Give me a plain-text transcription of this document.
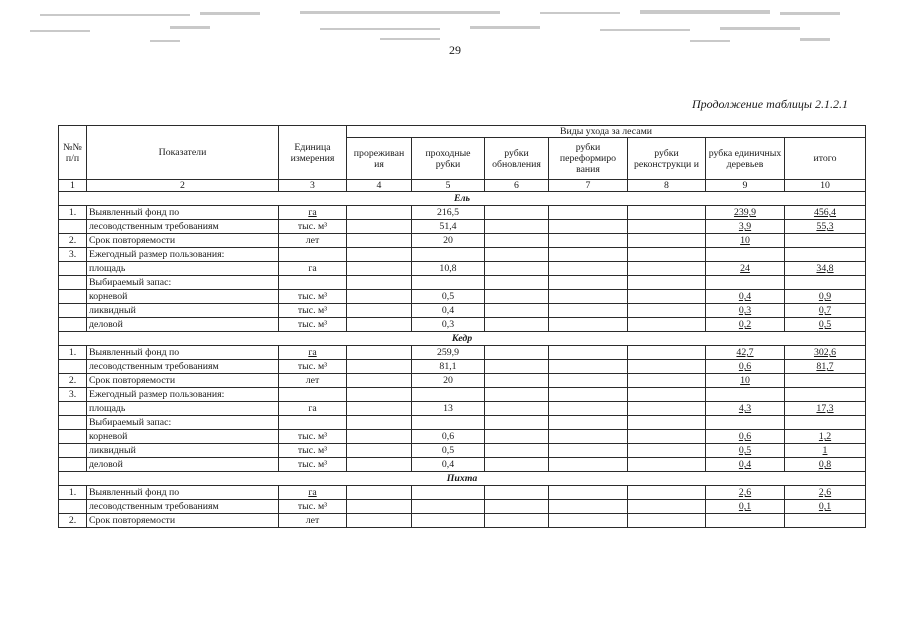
29
Продолжение таблицы 2.1.2.1
№№ п/п	Показатели	Единица измерения	Виды ухода за лесами						
			прореживан ия	проходные рубки	рубки обновления	рубки переформиро вания	рубки реконструкци и	рубка единичных деревьев	итого
1	2	3	4	5	6	7	8	9	10
Ель									
1.	Выявленный фонд по	га		216,5				239,9	456,4
	лесоводственным требованиям	тыс. м³		51,4				3,9	55,3
2.	Срок повторяемости	лет		20				10	
3.	Ежегодный размер пользования:								
	площадь	га		10,8				24	34,8
	Выбираемый запас:								
	корневой	тыс. м³		0,5				0,4	0,9
	ликвидный	тыс. м³		0,4				0,3	0,7
	деловой	тыс. м³		0,3				0,2	0,5
Кедр									
1.	Выявленный фонд по	га		259,9				42,7	302,6
	лесоводственным требованиям	тыс. м³		81,1				0,6	81,7
2.	Срок повторяемости	лет		20				10	
3.	Ежегодный размер пользования:								
	площадь	га		13				4,3	17,3
	Выбираемый запас:								
	корневой	тыс. м³		0,6				0,6	1,2
	ликвидный	тыс. м³		0,5				0,5	1
	деловой	тыс. м³		0,4				0,4	0,8
Пихта									
1.	Выявленный фонд по	га						2,6	2,6
	лесоводственным требованиям	тыс. м³						0,1	0,1
2.	Срок повторяемости	лет							
